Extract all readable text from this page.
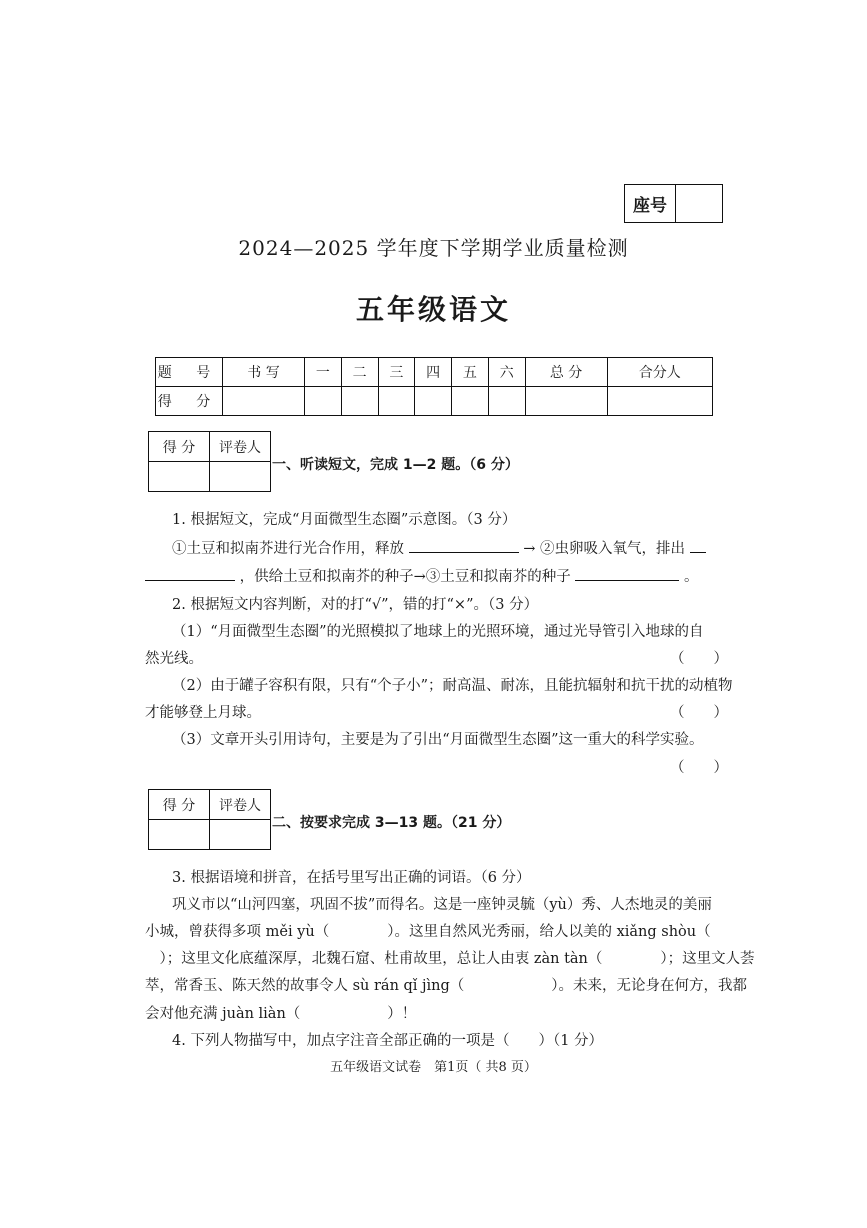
座号
2024—2025 学年度下学期学业质量检测
五年级语文
题 号	书 写	一	二	三	四	五	六	总 分	合分人
得 分									
得 分	评卷人

一、听读短文，完成 1—2 题。（6 分）
1. 根据短文，完成“月面微型生态圈”示意图。（3 分）
①土豆和拟南芥进行光合作用，释放	→ ②虫卵吸入氧气，排出
，供给土豆和拟南芥的种子→③土豆和拟南芥的种子	。
2. 根据短文内容判断，对的打“√”，错的打“×”。（3 分）
（1）“月面微型生态圈”的光照模拟了地球上的光照环境，通过光导管引入地球的自
然光线。	（　　）
（2）由于罐子容积有限，只有“个子小”；耐高温、耐冻，且能抗辐射和抗干扰的动植物
才能够登上月球。	（　　）
（3）文章开头引用诗句，主要是为了引出“月面微型生态圈”这一重大的科学实验。
（　　）
得 分	评卷人

二、按要求完成 3—13 题。（21 分）
3. 根据语境和拼音，在括号里写出正确的词语。（6 分）
巩义市以“山河四塞，巩固不拔”而得名。这是一座钟灵毓（yù）秀、人杰地灵的美丽
小城，曾获得多项 měi yù（　　　　）。这里自然风光秀丽，给人以美的 xiǎng shòu（
　）；这里文化底蕴深厚，北魏石窟、杜甫故里，总让人由衷 zàn tàn（　　　　）；这里文人荟
萃，常香玉、陈天然的故事令人 sù rán qǐ jìng（　　　　　　）。未来，无论身在何方，我都
会对他充满 juàn liàn（　　　　　　）！
4. 下列人物描写中，加点字注音全部正确的一项是（　　）（1 分）
五年级语文试卷　第1页（ 共8 页）
